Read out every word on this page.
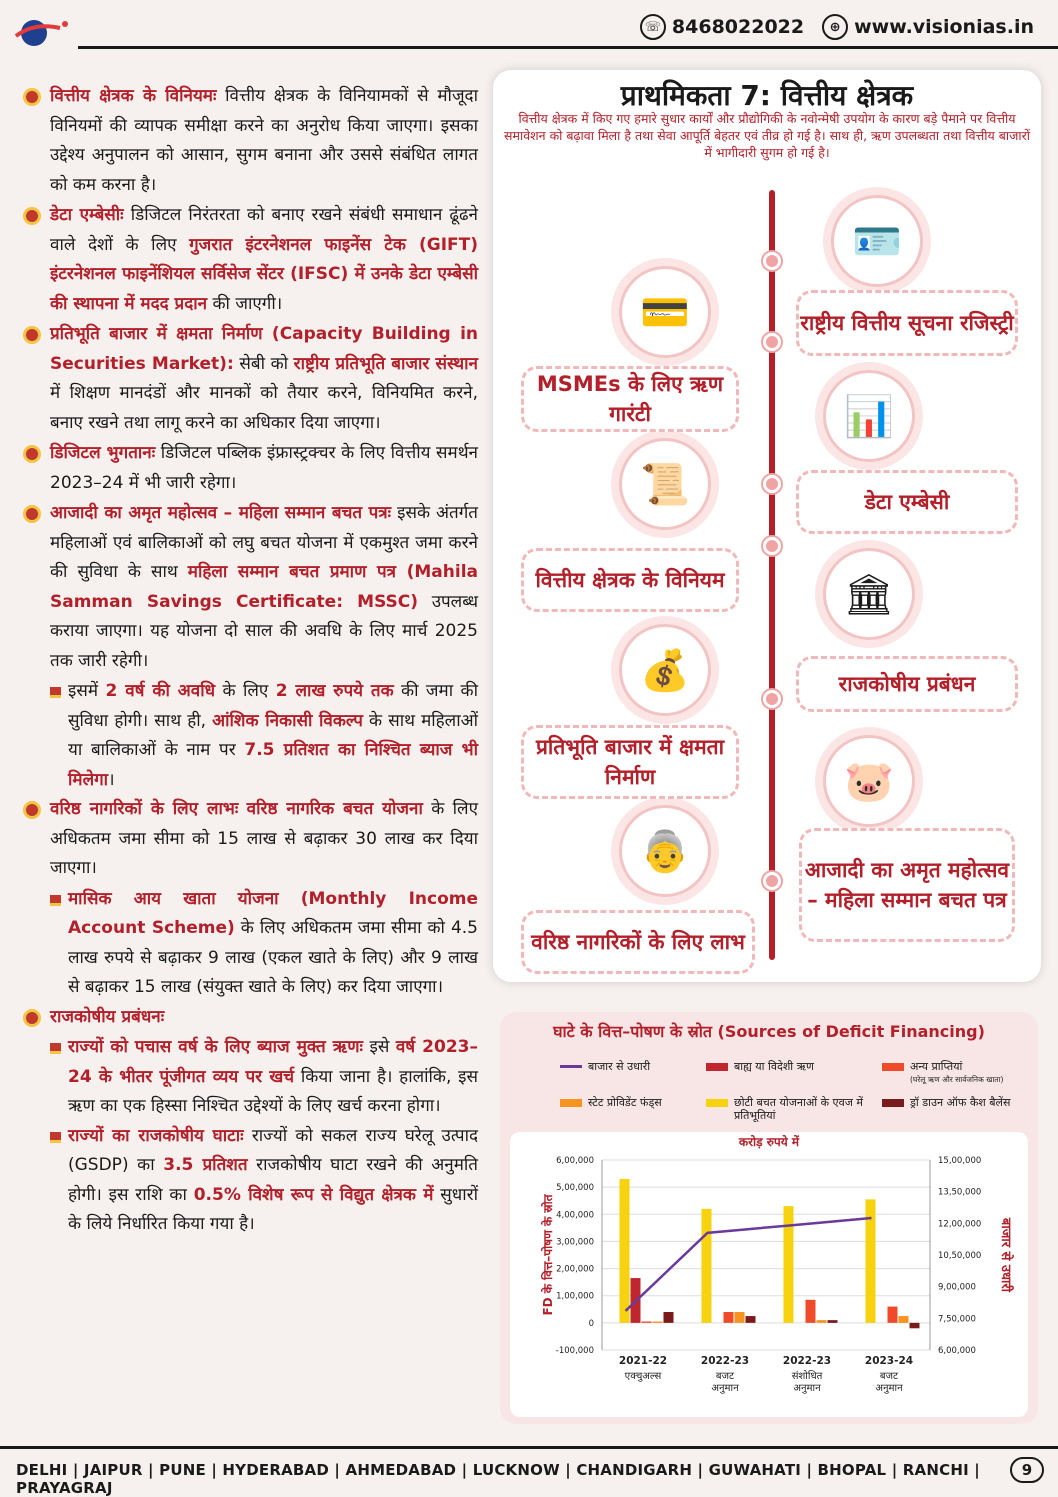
☏ 8468022022	⊕ www.visionias.in
वित्तीय क्षेत्रक के विनियमः वित्तीय क्षेत्रक के विनियामकों से मौजूदा विनियमों की व्यापक समीक्षा करने का अनुरोध किया जाएगा। इसका उद्देश्य अनुपालन को आसान, सुगम बनाना और उससे संबंधित लागत को कम करना है।
डेटा एम्बेसीः डिजिटल निरंतरता को बनाए रखने संबंधी समाधान ढूंढने वाले देशों के लिए गुजरात इंटरनेशनल फाइनेंस टेक (GIFT) इंटरनेशनल फाइनेंशियल सर्विसेज सेंटर (IFSC) में उनके डेटा एम्बेसी की स्थापना में मदद प्रदान की जाएगी।
प्रतिभूति बाजार में क्षमता निर्माण (Capacity Building in Securities Market): सेबी को राष्ट्रीय प्रतिभूति बाजार संस्थान में शिक्षण मानदंडों और मानकों को तैयार करने, विनियमित करने, बनाए रखने तथा लागू करने का अधिकार दिया जाएगा।
डिजिटल भुगतानः डिजिटल पब्लिक इंफ्रास्ट्रक्चर के लिए वित्तीय समर्थन 2023–24 में भी जारी रहेगा।
आजादी का अमृत महोत्सव – महिला सम्मान बचत पत्रः इसके अंतर्गत महिलाओं एवं बालिकाओं को लघु बचत योजना में एकमुश्त जमा करने की सुविधा के साथ महिला सम्मान बचत प्रमाण पत्र (Mahila Samman Savings Certificate: MSSC) उपलब्ध कराया जाएगा। यह योजना दो साल की अवधि के लिए मार्च 2025 तक जारी रहेगी।
इसमें 2 वर्ष की अवधि के लिए 2 लाख रुपये तक की जमा की सुविधा होगी। साथ ही, आंशिक निकासी विकल्प के साथ महिलाओं या बालिकाओं के नाम पर 7.5 प्रतिशत का निश्चित ब्याज भी मिलेगा।
वरिष्ठ नागरिकों के लिए लाभः वरिष्ठ नागरिक बचत योजना के लिए अधिकतम जमा सीमा को 15 लाख से बढ़ाकर 30 लाख कर दिया जाएगा।
मासिक आय खाता योजना (Monthly Income Account Scheme) के लिए अधिकतम जमा सीमा को 4.5 लाख रुपये से बढ़ाकर 9 लाख (एकल खाते के लिए) और 9 लाख से बढ़ाकर 15 लाख (संयुक्त खाते के लिए) कर दिया जाएगा।
राजकोषीय प्रबंधनः
राज्यों को पचास वर्ष के लिए ब्याज मुक्त ऋणः इसे वर्ष 2023–24 के भीतर पूंजीगत व्यय पर खर्च किया जाना है। हालांकि, इस ऋण का एक हिस्सा निश्चित उद्देश्यों के लिए खर्च करना होगा।
राज्यों का राजकोषीय घाटाः राज्यों को सकल राज्य घरेलू उत्पाद (GSDP) का 3.5 प्रतिशत राजकोषीय घाटा रखने की अनुमति होगी। इस राशि का 0.5% विशेष रूप से विद्युत क्षेत्रक में सुधारों के लिये निर्धारित किया गया है।
प्राथमिकता 7: वित्तीय क्षेत्रक
वित्तीय क्षेत्रक में किए गए हमारे सुधार कार्यों और प्रौद्योगिकी के नवोन्मेषी उपयोग के कारण बड़े पैमाने पर वित्तीय समावेशन को बढ़ावा मिला है तथा सेवा आपूर्ति बेहतर एवं तीव्र हो गई है। साथ ही, ऋण उपलब्धता तथा वित्तीय बाजारों में भागीदारी सुगम हो गई है।
🪪
💳
📊
📜
🏛
💰
🐷
👵
राष्ट्रीय वित्तीय सूचना रजिस्ट्री
MSMEs के लिए ऋण गारंटी
डेटा एम्बेसी
वित्तीय क्षेत्रक के विनियम
राजकोषीय प्रबंधन
प्रतिभूति बाजार में क्षमता निर्माण
आजादी का अमृत महोत्सव – महिला सम्मान बचत पत्र
वरिष्ठ नागरिकों के लिए लाभ
घाटे के वित्त–पोषण के स्रोत (Sources of Deficit Financing)
बाजार से उधारी	बाह्य या विदेशी ऋण	अन्य प्राप्तियां
(घरेलू ऋण और सार्वजनिक खाता)
स्टेट प्रोविडेंट फंड्स	छोटी बचत योजनाओं के एवज में प्रतिभूतियां
ड्रॉ डाउन ऑफ कैश बैलेंस
करोड़ रुपये में
6,00,000
5,00,000
4,00,000
3,00,000
2,00,000
1,00,000
0
-100,000
15,00,000
13,50,000
12,00,000
10,50,000
9,00,000
7,50,000
6,00,000
FD के वित्त–पोषण के स्रोत	बाजार से उधारी
2021-22
एक्चुअल्स
2022-23
बजट
अनुमान
2022-23
संशोधित
अनुमान
2023-24
बजट
अनुमान
DELHI | JAIPUR | PUNE | HYDERABAD | AHMEDABAD | LUCKNOW | CHANDIGARH | GUWAHATI | BHOPAL | RANCHI | PRAYAGRAJ
9
